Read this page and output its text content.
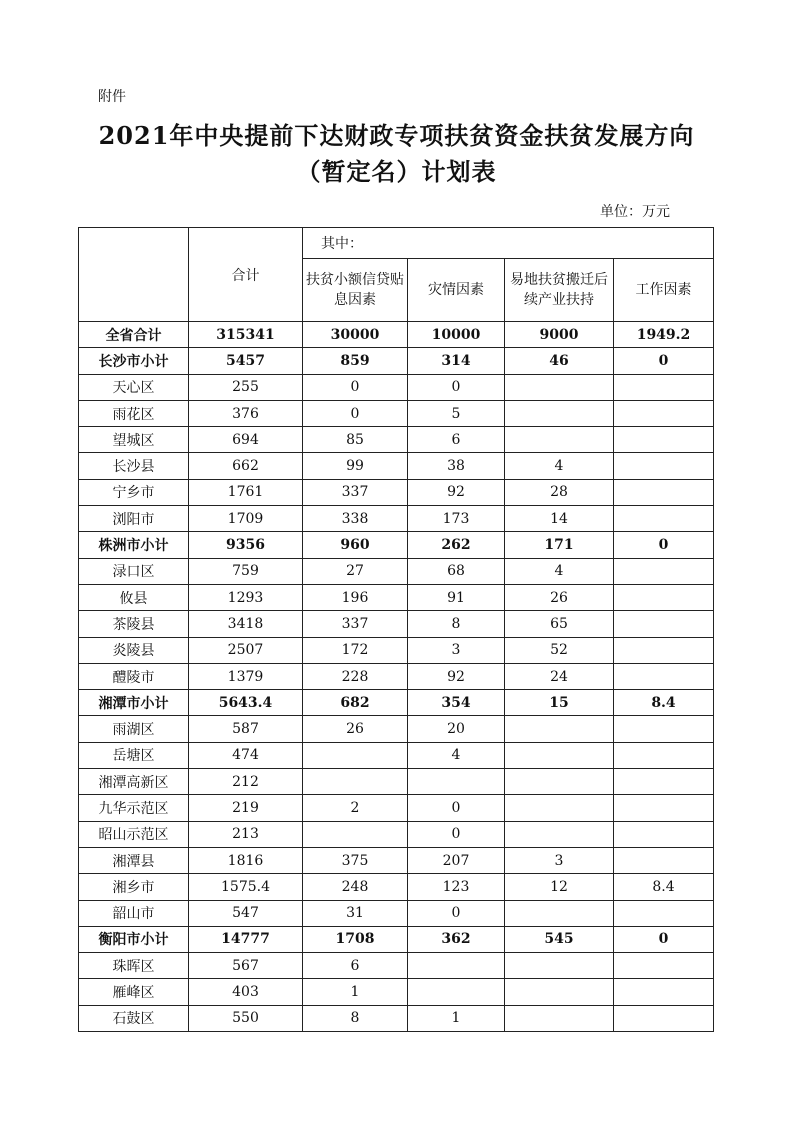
附件
2021年中央提前下达财政专项扶贫资金扶贫发展方向
（暂定名）计划表
单位：万元
	合计	其中：			
		扶贫小额信贷贴息因素	灾情因素	易地扶贫搬迁后续产业扶持	工作因素
全省合计	315341	30000	10000	9000	1949.2
长沙市小计	5457	859	314	46	0
天心区	255	0	0		
雨花区	376	0	5		
望城区	694	85	6		
长沙县	662	99	38	4	
宁乡市	1761	337	92	28	
浏阳市	1709	338	173	14	
株洲市小计	9356	960	262	171	0
渌口区	759	27	68	4	
攸县	1293	196	91	26	
茶陵县	3418	337	8	65	
炎陵县	2507	172	3	52	
醴陵市	1379	228	92	24	
湘潭市小计	5643.4	682	354	15	8.4
雨湖区	587	26	20		
岳塘区	474		4		
湘潭高新区	212				
九华示范区	219	2	0		
昭山示范区	213		0		
湘潭县	1816	375	207	3	
湘乡市	1575.4	248	123	12	8.4
韶山市	547	31	0		
衡阳市小计	14777	1708	362	545	0
珠晖区	567	6			
雁峰区	403	1			
石鼓区	550	8	1		
